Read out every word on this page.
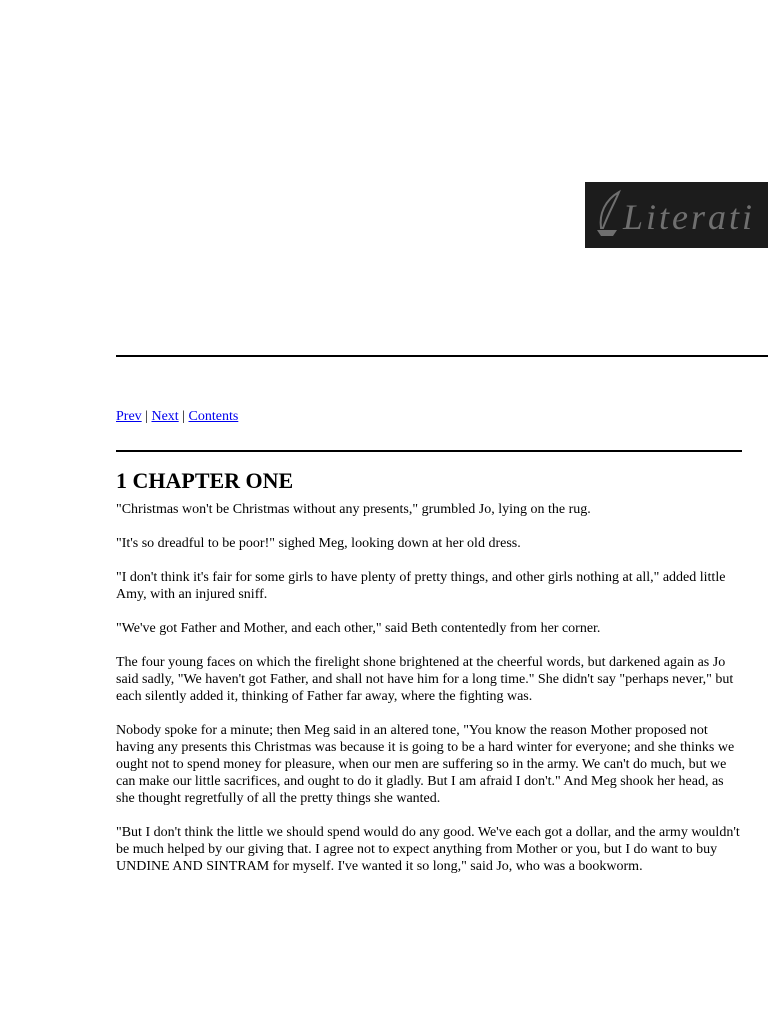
Literati
Prev | Next | Contents
1 CHAPTER ONE

"Christmas won't be Christmas without any presents," grumbled Jo, lying on the rug.

"It's so dreadful to be poor!" sighed Meg, looking down at her old dress.

"I don't think it's fair for some girls to have plenty of pretty things, and other girls nothing at all," added little Amy, with an injured sniff.

"We've got Father and Mother, and each other," said Beth contentedly from her corner.

The four young faces on which the firelight shone brightened at the cheerful words, but darkened again as Jo said sadly, "We haven't got Father, and shall not have him for a long time." She didn't say "perhaps never," but each silently added it, thinking of Father far away, where the fighting was.

Nobody spoke for a minute; then Meg said in an altered tone, "You know the reason Mother proposed not having any presents this Christmas was because it is going to be a hard winter for everyone; and she thinks we ought not to spend money for pleasure, when our men are suffering so in the army. We can't do much, but we can make our little sacrifices, and ought to do it gladly. But I am afraid I don't." And Meg shook her head, as she thought regretfully of all the pretty things she wanted.

"But I don't think the little we should spend would do any good. We've each got a dollar, and the army wouldn't be much helped by our giving that. I agree not to expect anything from Mother or you, but I do want to buy UNDINE AND SINTRAM for myself. I've wanted it so long," said Jo, who was a bookworm.
